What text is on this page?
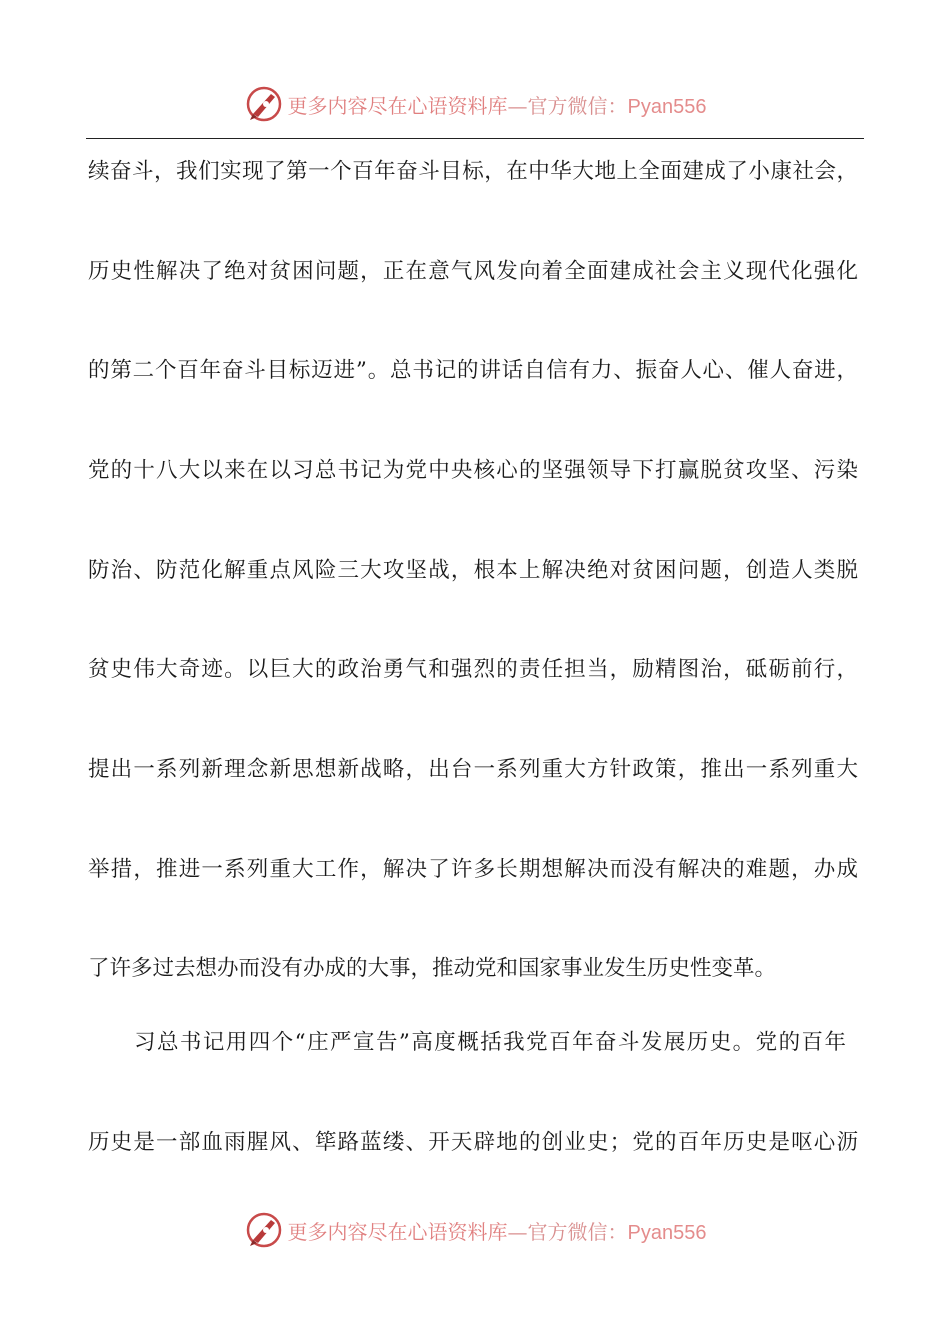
更多内容尽在心语资料库—官方微信：Pyan556
续奋斗，我们实现了第一个百年奋斗目标，在中华大地上全面建成了小康社会，
历史性解决了绝对贫困问题，正在意气风发向着全面建成社会主义现代化强化
的第二个百年奋斗目标迈进”。总书记的讲话自信有力、振奋人心、催人奋进，
党的十八大以来在以习总书记为党中央核心的坚强领导下打赢脱贫攻坚、污染
防治、防范化解重点风险三大攻坚战，根本上解决绝对贫困问题，创造人类脱
贫史伟大奇迹。以巨大的政治勇气和强烈的责任担当，励精图治，砥砺前行，
提出一系列新理念新思想新战略，出台一系列重大方针政策，推出一系列重大
举措，推进一系列重大工作，解决了许多长期想解决而没有解决的难题，办成
了许多过去想办而没有办成的大事，推动党和国家事业发生历史性变革。
习总书记用四个“庄严宣告”高度概括我党百年奋斗发展历史。党的百年
历史是一部血雨腥风、筚路蓝缕、开天辟地的创业史；党的百年历史是呕心沥
更多内容尽在心语资料库—官方微信：Pyan556
